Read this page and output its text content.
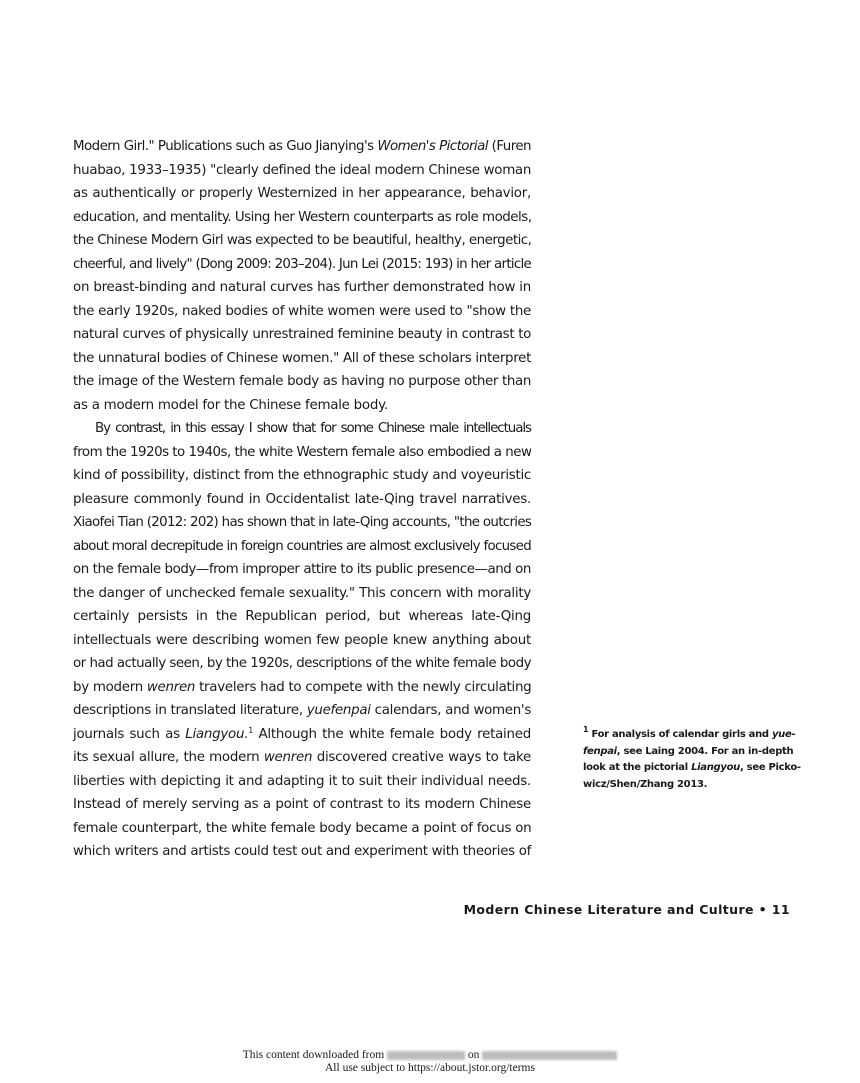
Modern Girl." Publications such as Guo Jianying's Women's Pictorial (Furen
huabao, 1933–1935) "clearly defined the ideal modern Chinese woman
as authentically or properly Westernized in her appearance, behavior,
education, and mentality. Using her Western counterparts as role models,
the Chinese Modern Girl was expected to be beautiful, healthy, energetic,
cheerful, and lively" (Dong 2009: 203–204). Jun Lei (2015: 193) in her article
on breast-binding and natural curves has further demonstrated how in
the early 1920s, naked bodies of white women were used to "show the
natural curves of physically unrestrained feminine beauty in contrast to
the unnatural bodies of Chinese women." All of these scholars interpret
the image of the Western female body as having no purpose other than
as a modern model for the Chinese female body.
By contrast, in this essay I show that for some Chinese male intellectuals
from the 1920s to 1940s, the white Western female also embodied a new
kind of possibility, distinct from the ethnographic study and voyeuristic
pleasure commonly found in Occidentalist late-Qing travel narratives.
Xiaofei Tian (2012: 202) has shown that in late-Qing accounts, "the outcries
about moral decrepitude in foreign countries are almost exclusively focused
on the female body—from improper attire to its public presence—and on
the danger of unchecked female sexuality." This concern with morality
certainly persists in the Republican period, but whereas late-Qing
intellectuals were describing women few people knew anything about
or had actually seen, by the 1920s, descriptions of the white female body
by modern wenren travelers had to compete with the newly circulating
descriptions in translated literature, yuefenpai calendars, and women's
journals such as Liangyou.$^1$ Although the white female body retained
its sexual allure, the modern wenren discovered creative ways to take
liberties with depicting it and adapting it to suit their individual needs.
Instead of merely serving as a point of contrast to its modern Chinese
female counterpart, the white female body became a point of focus on
which writers and artists could test out and experiment with theories of
$^1$ For analysis of calendar girls and yue-
fenpai, see Laing 2004. For an in-depth
look at the pictorial Liangyou, see Picko-
wicz/Shen/Zhang 2013.
Modern Chinese Literature and Culture • 11
This content downloaded from	on
All use subject to https://about.jstor.org/terms
